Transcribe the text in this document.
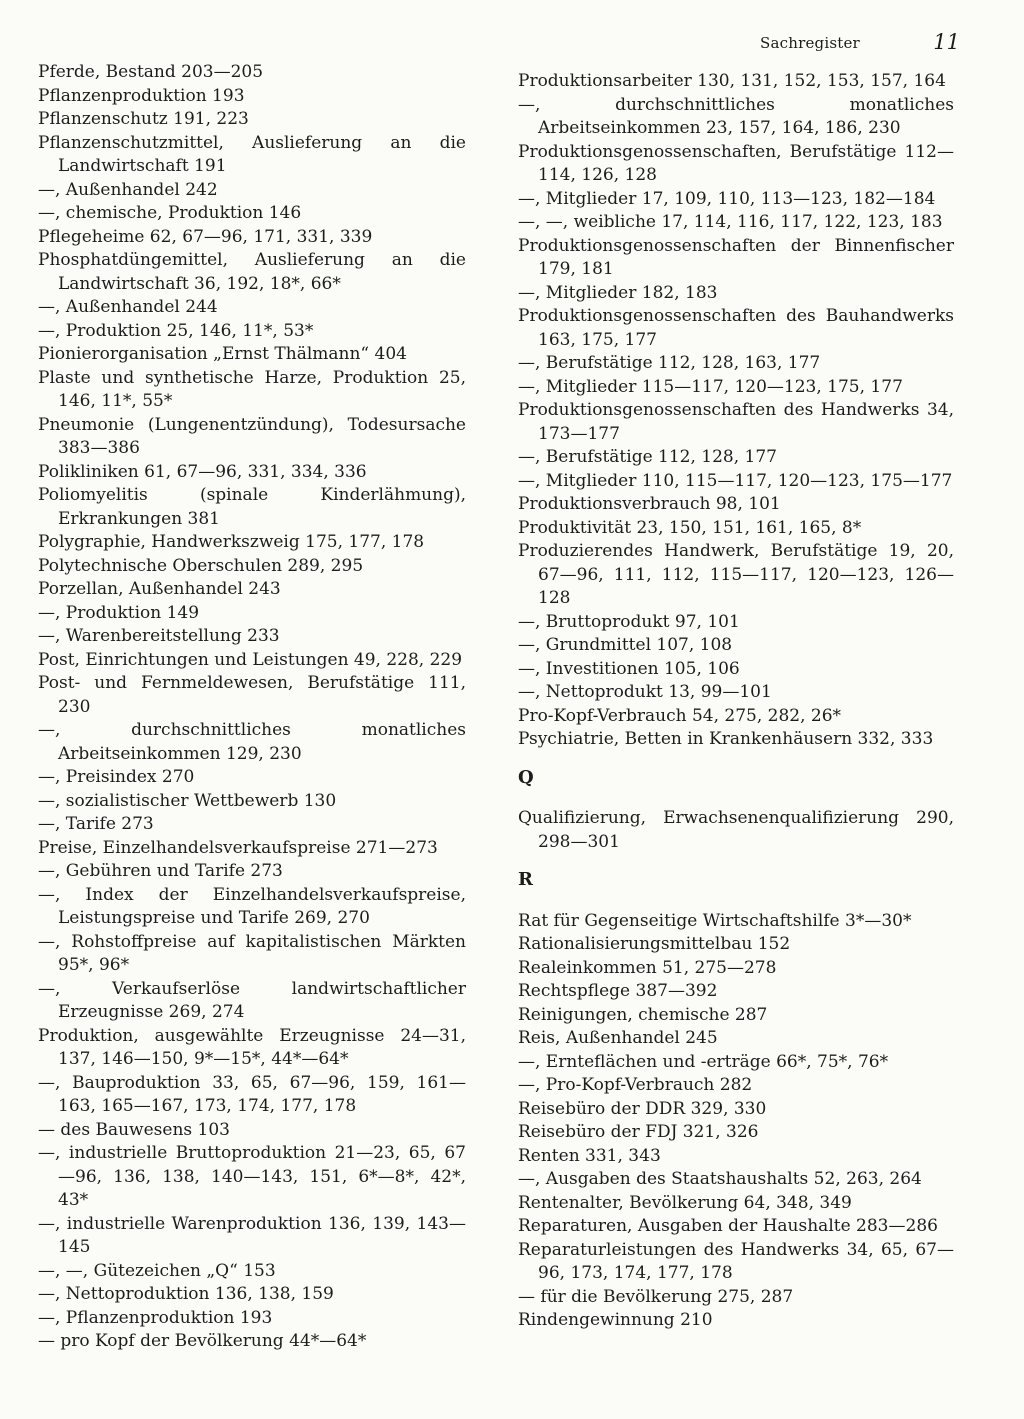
Sachregister	11
Pferde, Bestand 203—205
Pflanzenproduktion 193
Pflanzenschutz 191, 223
Pflanzenschutzmittel, Auslieferung an die Landwirtschaft 191
—, Außenhandel 242
—, chemische, Produktion 146
Pflegeheime 62, 67—96, 171, 331, 339
Phosphatdüngemittel, Auslieferung an die Landwirtschaft 36, 192, 18*, 66*
—, Außenhandel 244
—, Produktion 25, 146, 11*, 53*
Pionierorganisation „Ernst Thälmann“ 404
Plaste und synthetische Harze, Produktion 25, 146, 11*, 55*
Pneumonie (Lungenentzündung), Todesursache 383—386
Polikliniken 61, 67—96, 331, 334, 336
Poliomyelitis (spinale Kinderlähmung), Erkrankungen 381
Polygraphie, Handwerkszweig 175, 177, 178
Polytechnische Oberschulen 289, 295
Porzellan, Außenhandel 243
—, Produktion 149
—, Warenbereitstellung 233
Post, Einrichtungen und Leistungen 49, 228, 229
Post- und Fernmeldewesen, Berufstätige 111, 230
—, durchschnittliches monatliches Arbeitseinkommen 129, 230
—, Preisindex 270
—, sozialistischer Wettbewerb 130
—, Tarife 273
Preise, Einzelhandelsverkaufspreise 271—273
—, Gebühren und Tarife 273
—, Index der Einzelhandelsverkaufspreise, Leistungspreise und Tarife 269, 270
—, Rohstoffpreise auf kapitalistischen Märkten 95*, 96*
—, Verkaufserlöse landwirtschaftlicher Erzeugnisse 269, 274
Produktion, ausgewählte Erzeugnisse 24—31, 137, 146—150, 9*—15*, 44*—64*
—, Bauproduktion 33, 65, 67—96, 159, 161—163, 165—167, 173, 174, 177, 178
— des Bauwesens 103
—, industrielle Bruttoproduktion 21—23, 65, 67—96, 136, 138, 140—143, 151, 6*—8*, 42*, 43*
—, industrielle Warenproduktion 136, 139, 143—145
—, —, Gütezeichen „Q“ 153
—, Nettoproduktion 136, 138, 159
—, Pflanzenproduktion 193
— pro Kopf der Bevölkerung 44*—64*
Produktionsarbeiter 130, 131, 152, 153, 157, 164
—, durchschnittliches monatliches Arbeitseinkommen 23, 157, 164, 186, 230
Produktionsgenossenschaften, Berufstätige 112—114, 126, 128
—, Mitglieder 17, 109, 110, 113—123, 182—184
—, —, weibliche 17, 114, 116, 117, 122, 123, 183
Produktionsgenossenschaften der Binnenfischer 179, 181
—, Mitglieder 182, 183
Produktionsgenossenschaften des Bauhandwerks 163, 175, 177
—, Berufstätige 112, 128, 163, 177
—, Mitglieder 115—117, 120—123, 175, 177
Produktionsgenossenschaften des Handwerks 34, 173—177
—, Berufstätige 112, 128, 177
—, Mitglieder 110, 115—117, 120—123, 175—177
Produktionsverbrauch 98, 101
Produktivität 23, 150, 151, 161, 165, 8*
Produzierendes Handwerk, Berufstätige 19, 20, 67—96, 111, 112, 115—117, 120—123, 126—128
—, Bruttoprodukt 97, 101
—, Grundmittel 107, 108
—, Investitionen 105, 106
—, Nettoprodukt 13, 99—101
Pro-Kopf-Verbrauch 54, 275, 282, 26*
Psychiatrie, Betten in Krankenhäusern 332, 333
Q
Qualifizierung, Erwachsenenqualifizierung 290, 298—301
R
Rat für Gegenseitige Wirtschaftshilfe 3*—30*
Rationalisierungsmittelbau 152
Realeinkommen 51, 275—278
Rechtspflege 387—392
Reinigungen, chemische 287
Reis, Außenhandel 245
—, Ernteflächen und -erträge 66*, 75*, 76*
—, Pro-Kopf-Verbrauch 282
Reisebüro der DDR 329, 330
Reisebüro der FDJ 321, 326
Renten 331, 343
—, Ausgaben des Staatshaushalts 52, 263, 264
Rentenalter, Bevölkerung 64, 348, 349
Reparaturen, Ausgaben der Haushalte 283—286
Reparaturleistungen des Handwerks 34, 65, 67—96, 173, 174, 177, 178
— für die Bevölkerung 275, 287
Rindengewinnung 210
